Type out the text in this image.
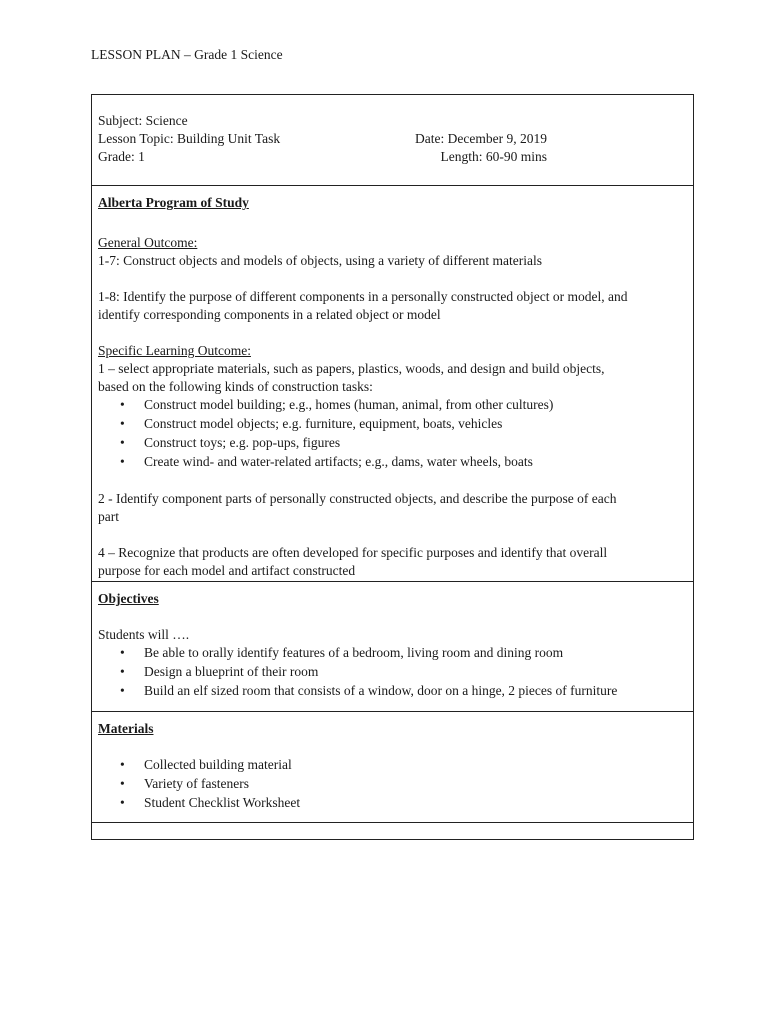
LESSON PLAN – Grade 1 Science
Subject: Science
Lesson Topic: Building Unit Task	Date: December 9, 2019
Grade: 1	Length: 60-90 mins
Alberta Program of Study

General Outcome:

1-7: Construct objects and models of objects, using a variety of different materials

1-8: Identify the purpose of different components in a personally constructed object or model, and

identify corresponding components in a related object or model

Specific Learning Outcome:

1 – select appropriate materials, such as papers, plastics, woods, and design and build objects,

based on the following kinds of construction tasks:

• Construct model building; e.g., homes (human, animal, from other cultures)
• Construct model objects; e.g. furniture, equipment, boats, vehicles
• Construct toys; e.g. pop-ups, figures
• Create wind- and water-related artifacts; e.g., dams, water wheels, boats

2 - Identify component parts of personally constructed objects, and describe the purpose of each

part

4 – Recognize that products are often developed for specific purposes and identify that overall

purpose for each model and artifact constructed

Objectives

Students will ….

• Be able to orally identify features of a bedroom, living room and dining room
• Design a blueprint of their room
• Build an elf sized room that consists of a window, door on a hinge, 2 pieces of furniture
Materials
• Collected building material
• Variety of fasteners
• Student Checklist Worksheet
